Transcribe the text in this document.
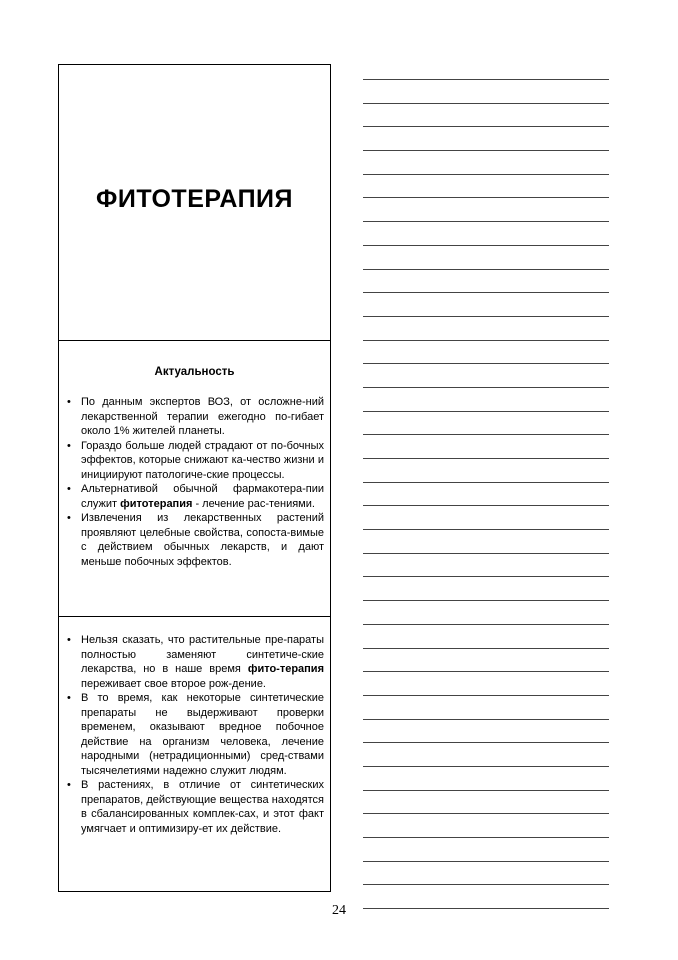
ФИТОТЕРАПИЯ
Актуальность
• По данным экспертов ВОЗ, от осложне-ний лекарственной терапии ежегодно по-гибает около 1% жителей планеты.
• Гораздо больше людей страдают от по-бочных эффектов, которые снижают ка-чество жизни и инициируют патологиче-ские процессы.
• Альтернативой обычной фармакотера-пии служит фитотерапия - лечение рас-тениями.
• Извлечения из лекарственных растений проявляют целебные свойства, сопоста-вимые с действием обычных лекарств, и дают меньше побочных эффектов.
• Нельзя сказать, что растительные пре-параты полностью заменяют синтетиче-ские лекарства, но в наше время фито-терапия переживает свое второе рож-дение.
• В то время, как некоторые синтетические препараты не выдерживают проверки временем, оказывают вредное побочное действие на организм человека, лечение народными (нетрадиционными) сред-ствами тысячелетиями надежно служит людям.
• В растениях, в отличие от синтетических препаратов, действующие вещества находятся в сбалансированных комплек-сах, и этот факт умягчает и оптимизиру-ет их действие.
24
